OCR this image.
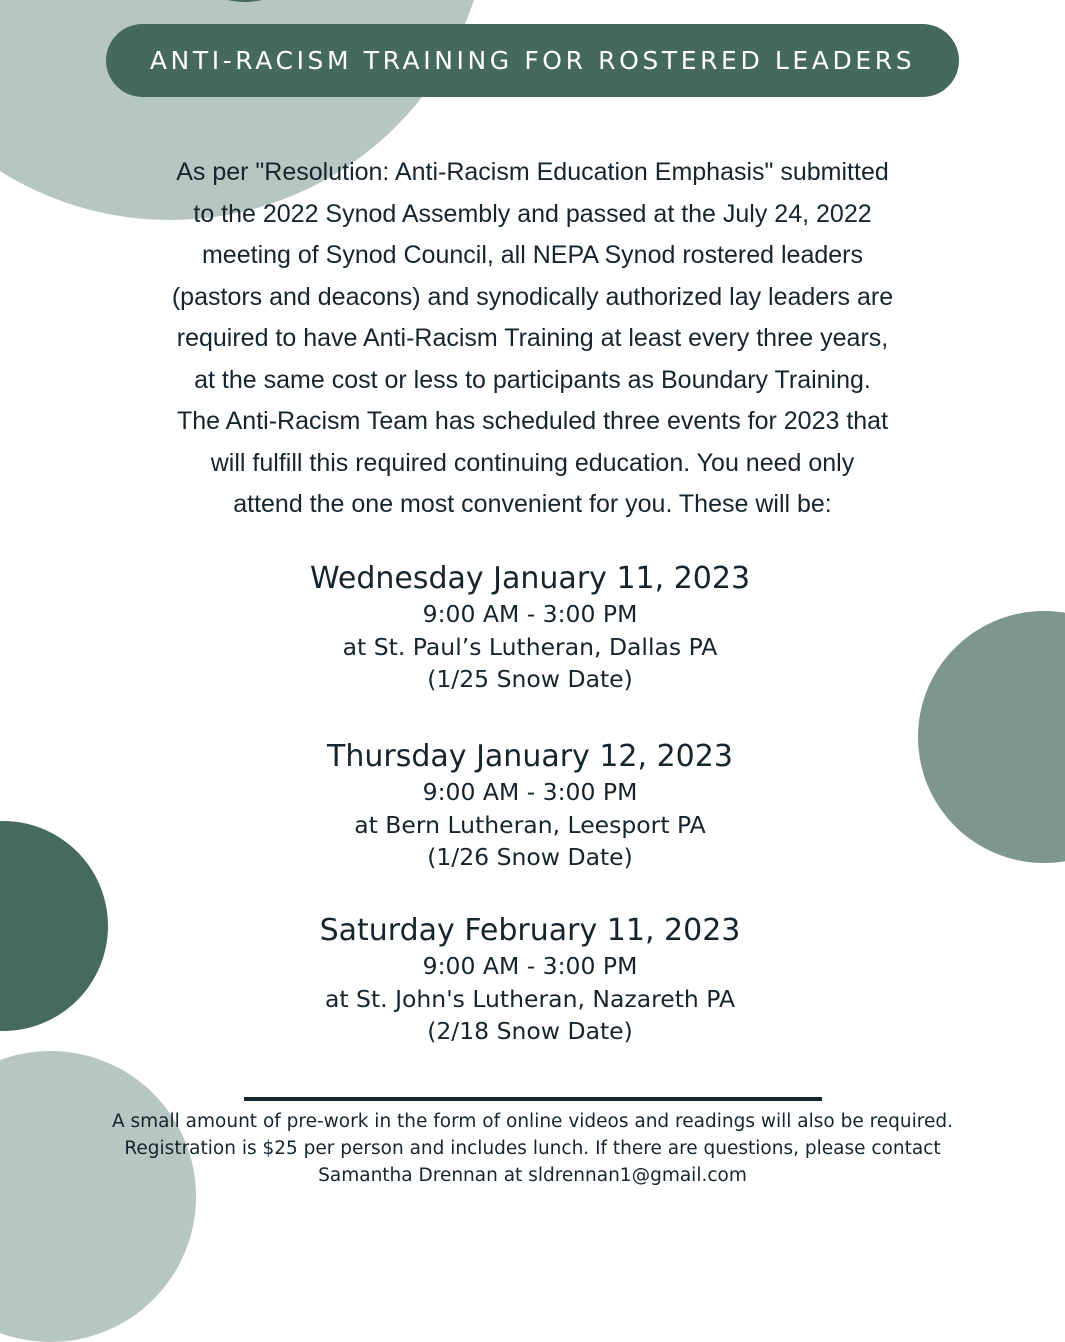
ANTI-RACISM TRAINING FOR ROSTERED LEADERS

As per "Resolution: Anti-Racism Education Emphasis" submitted
to the 2022 Synod Assembly and passed at the July 24, 2022
meeting of Synod Council, all NEPA Synod rostered leaders
(pastors and deacons) and synodically authorized lay leaders are
required to have Anti-Racism Training at least every three years,
at the same cost or less to participants as Boundary Training.
The Anti-Racism Team has scheduled three events for 2023 that
will fulfill this required continuing education. You need only
attend the one most convenient for you. These will be:

Wednesday January 11, 2023
9:00 AM - 3:00 PM
at St. Paul’s Lutheran, Dallas PA
(1/25 Snow Date)
Thursday January 12, 2023
9:00 AM - 3:00 PM
at Bern Lutheran, Leesport PA
(1/26 Snow Date)
Saturday February 11, 2023
9:00 AM - 3:00 PM
at St. John's Lutheran, Nazareth PA
(2/18 Snow Date)

A small amount of pre-work in the form of online videos and readings will also be required.
Registration is $25 per person and includes lunch. If there are questions, please contact
Samantha Drennan at sldrennan1@gmail.com
